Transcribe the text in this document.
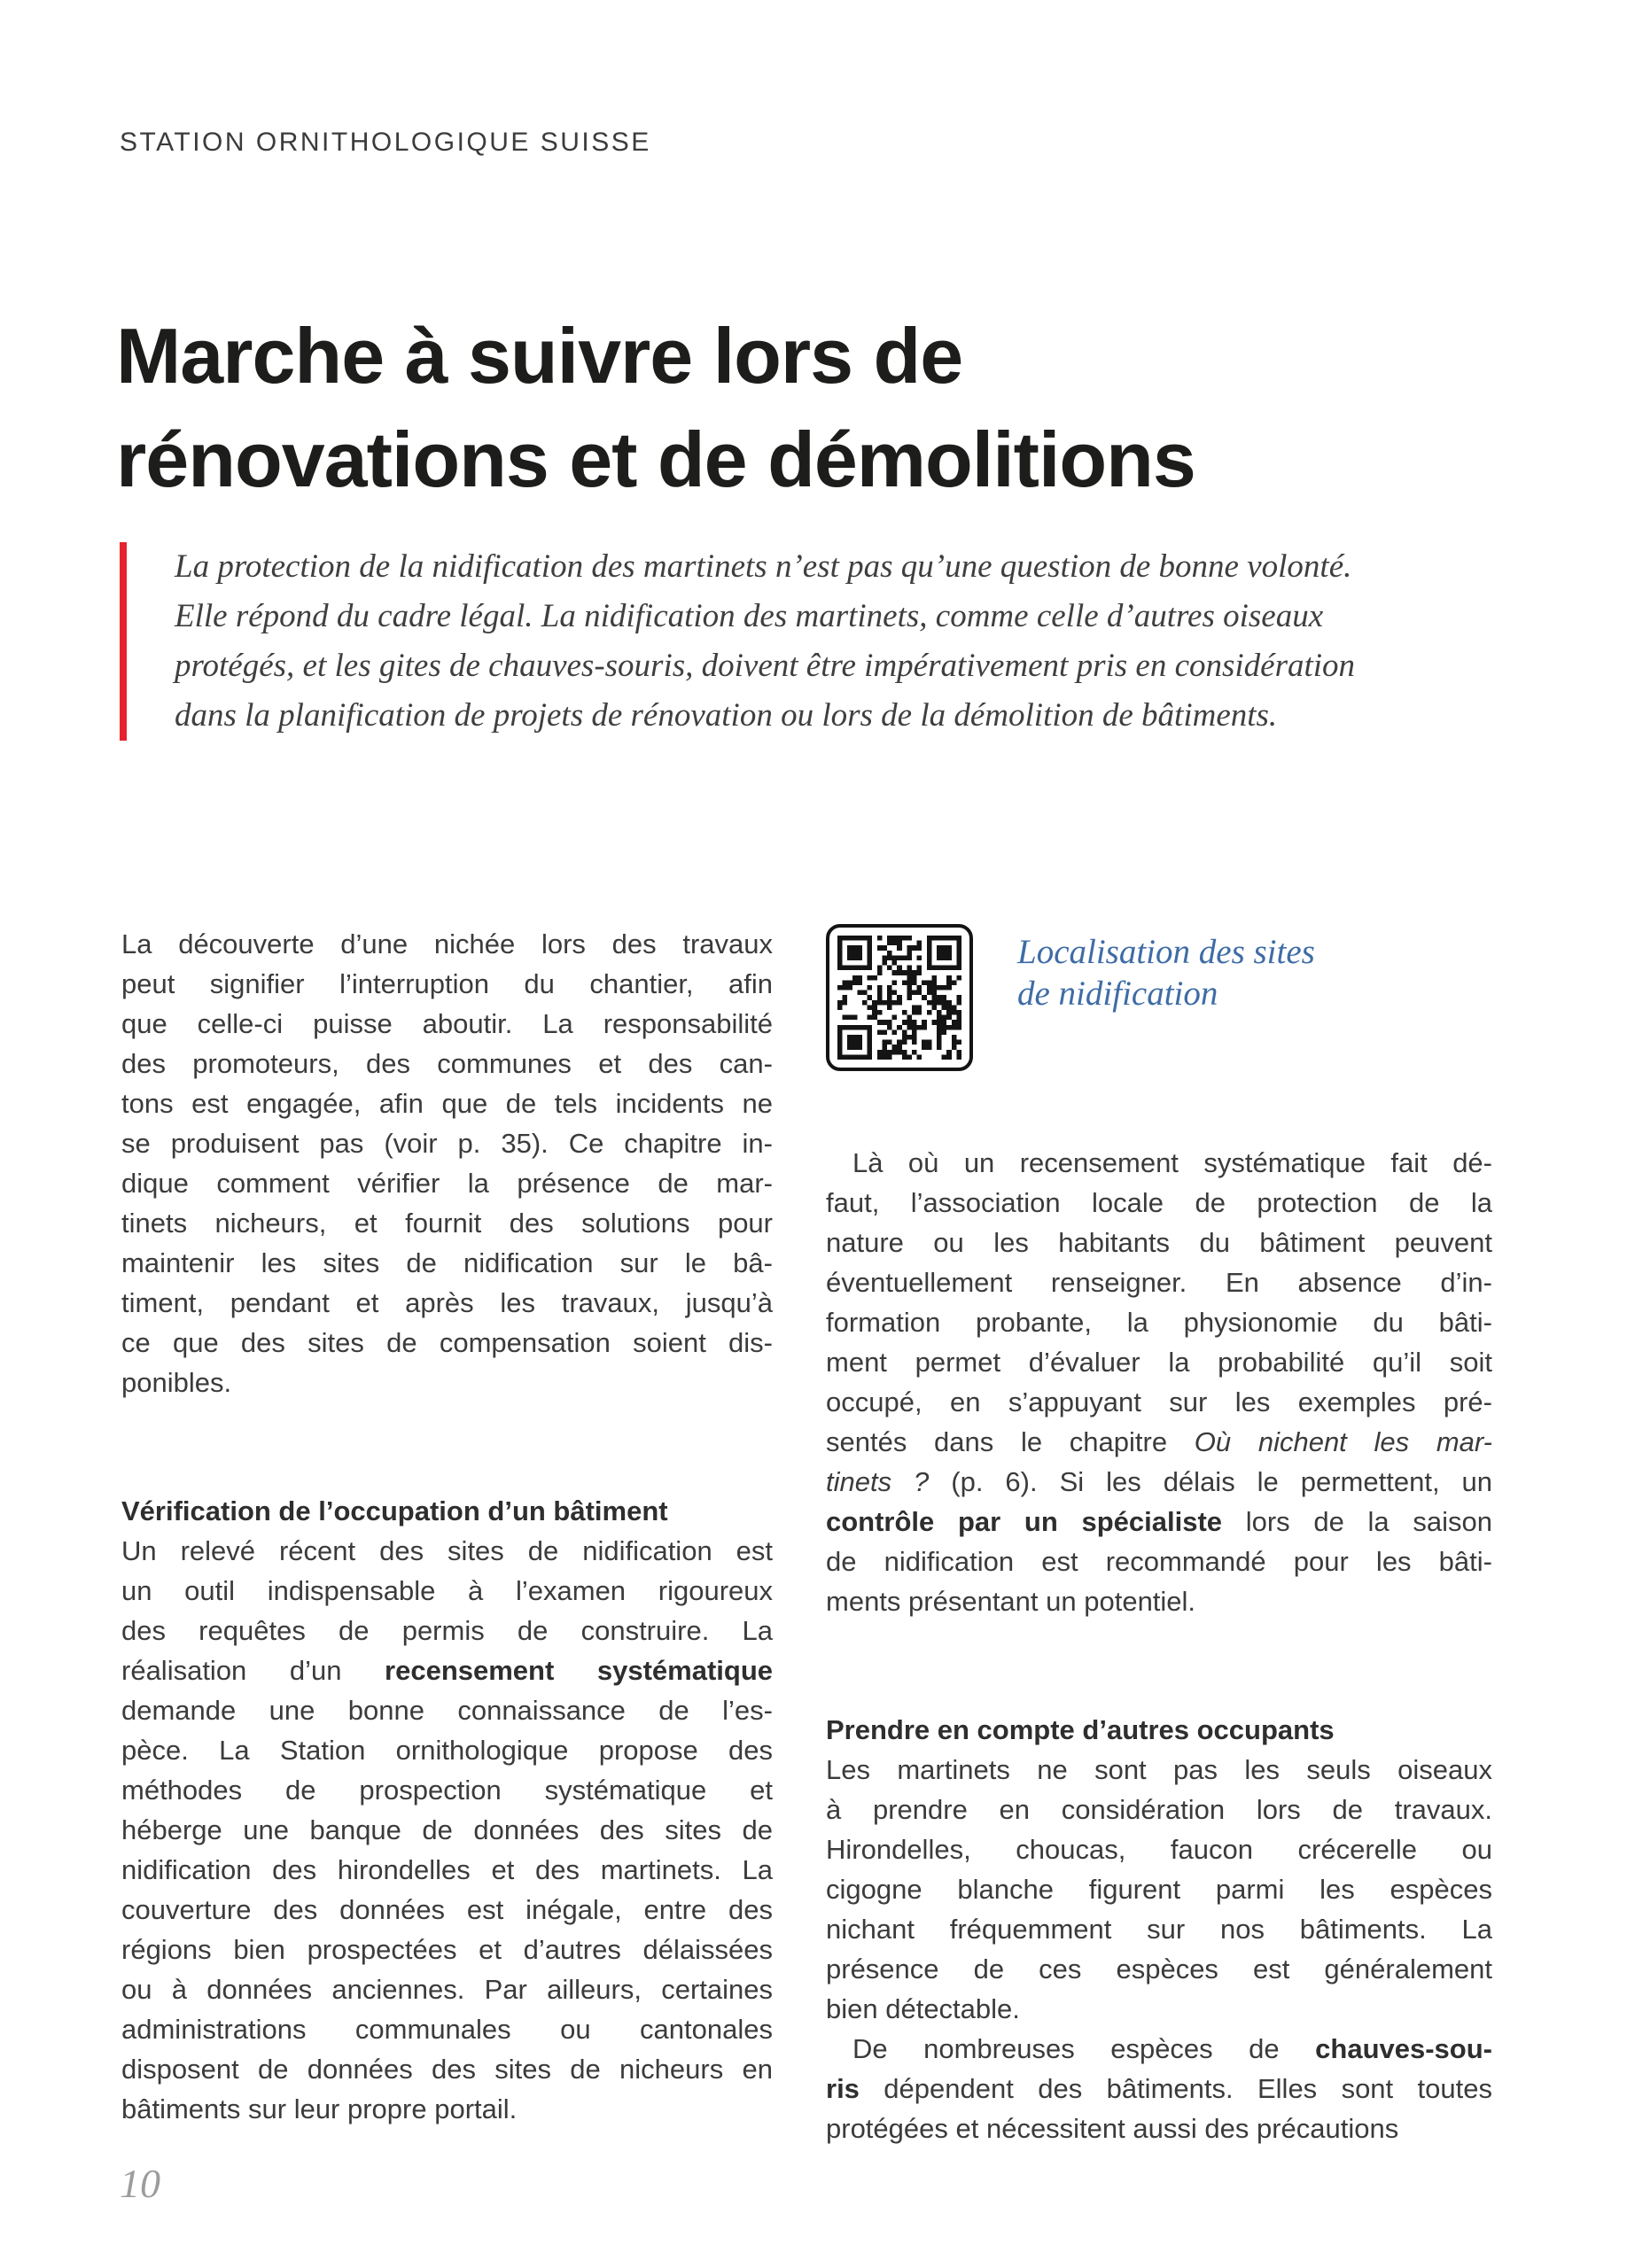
STATION ORNITHOLOGIQUE SUISSE
Marche à suivre lors de
rénovations et de démolitions
La protection de la nidification des martinets n’est pas qu’une question de bonne volonté.
Elle répond du cadre légal. La nidification des martinets, comme celle d’autres oiseaux
protégés, et les gites de chauves-souris, doivent être impérativement pris en considération
dans la planification de projets de rénovation ou lors de la démolition de bâtiments.
La découverte d’une nichée lors des travaux
peut signifier l’interruption du chantier, afin
que celle-ci puisse aboutir. La responsabilité
des promoteurs, des communes et des can-
tons est engagée, afin que de tels incidents ne
se produisent pas (voir p. 35). Ce chapitre in-
dique comment vérifier la présence de mar-
tinets nicheurs, et fournit des solutions pour
maintenir les sites de nidification sur le bâ-
timent, pendant et après les travaux, jusqu’à
ce que des sites de compensation soient dis-
ponibles.
Vérification de l’occupation d’un bâtiment
Un relevé récent des sites de nidification est
un outil indispensable à l’examen rigoureux
des requêtes de permis de construire. La
réalisation d’un recensement systématique
demande une bonne connaissance de l’es-
pèce. La Station ornithologique propose des
méthodes de prospection systématique et
héberge une banque de données des sites de
nidification des hirondelles et des martinets. La
couverture des données est inégale, entre des
régions bien prospectées et d’autres délaissées
ou à données anciennes. Par ailleurs, certaines
administrations communales ou cantonales
disposent de données des sites de nicheurs en
bâtiments sur leur propre portail.
Localisation des sites
de nidification
Là où un recensement systématique fait dé-
faut, l’association locale de protection de la
nature ou les habitants du bâtiment peuvent
éventuellement renseigner. En absence d’in-
formation probante, la physionomie du bâti-
ment permet d’évaluer la probabilité qu’il soit
occupé, en s’appuyant sur les exemples pré-
sentés dans le chapitre Où nichent les mar-
tinets ? (p. 6). Si les délais le permettent, un
contrôle par un spécialiste lors de la saison
de nidification est recommandé pour les bâti-
ments présentant un potentiel.
Prendre en compte d’autres occupants
Les martinets ne sont pas les seuls oiseaux
à prendre en considération lors de travaux.
Hirondelles, choucas, faucon crécerelle ou
cigogne blanche figurent parmi les espèces
nichant fréquemment sur nos bâtiments. La
présence de ces espèces est généralement
bien détectable.
De nombreuses espèces de chauves-sou-
ris dépendent des bâtiments. Elles sont toutes
protégées et nécessitent aussi des précautions
10
